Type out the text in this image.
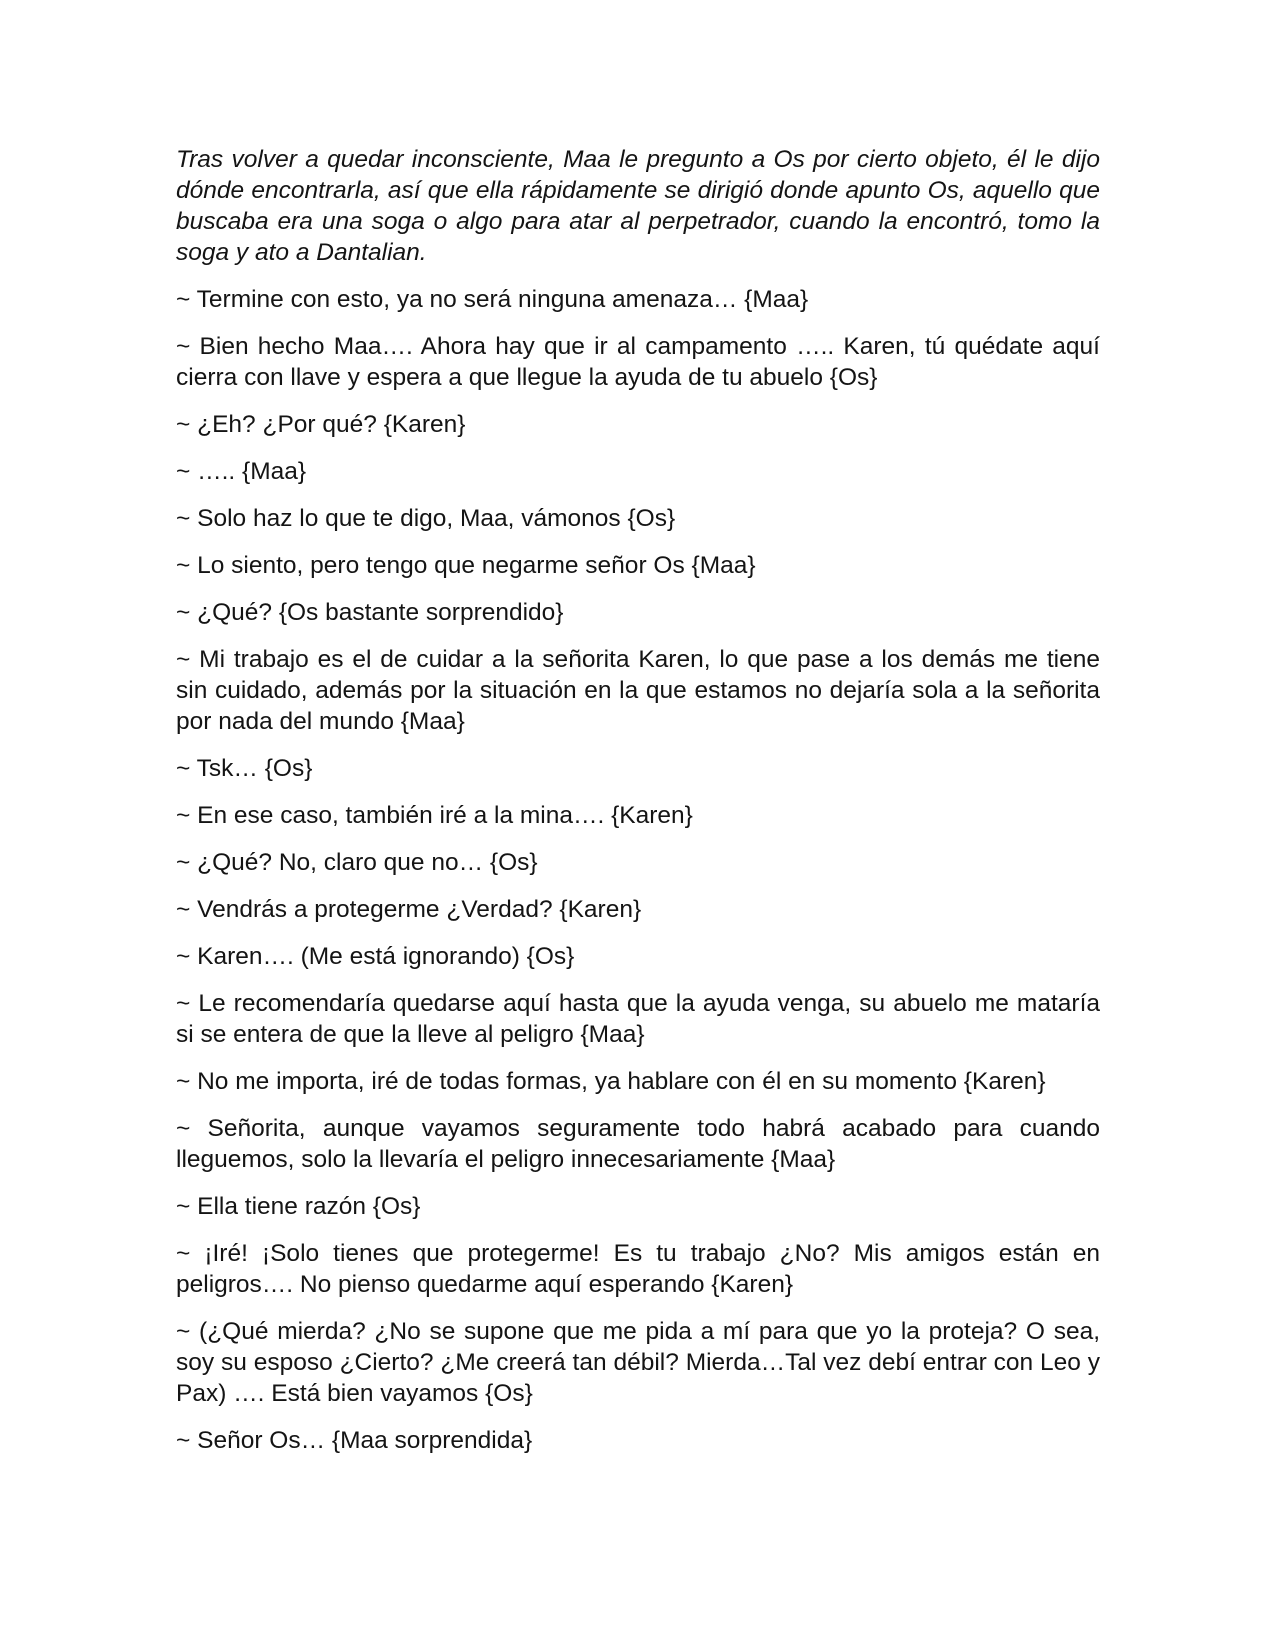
Tras volver a quedar inconsciente, Maa le pregunto a Os por cierto objeto, él le dijo dónde encontrarla, así que ella rápidamente se dirigió donde apunto Os, aquello que buscaba era una soga o algo para atar al perpetrador, cuando la encontró, tomo la soga y ato a Dantalian.

~ Termine con esto, ya no será ninguna amenaza… {Maa}

~ Bien hecho Maa…. Ahora hay que ir al campamento ….. Karen, tú quédate aquí cierra con llave y espera a que llegue la ayuda de tu abuelo {Os}

~ ¿Eh? ¿Por qué? {Karen}

~ ….. {Maa}

~ Solo haz lo que te digo, Maa, vámonos {Os}

~ Lo siento, pero tengo que negarme señor Os {Maa}

~ ¿Qué? {Os bastante sorprendido}

~ Mi trabajo es el de cuidar a la señorita Karen, lo que pase a los demás me tiene sin cuidado, además por la situación en la que estamos no dejaría sola a la señorita por nada del mundo {Maa}

~ Tsk… {Os}

~ En ese caso, también iré a la mina…. {Karen}

~ ¿Qué? No, claro que no… {Os}

~ Vendrás a protegerme ¿Verdad? {Karen}

~ Karen…. (Me está ignorando) {Os}

~ Le recomendaría quedarse aquí hasta que la ayuda venga, su abuelo me mataría si se entera de que la lleve al peligro {Maa}

~ No me importa, iré de todas formas, ya hablare con él en su momento {Karen}

~ Señorita, aunque vayamos seguramente todo habrá acabado para cuando lleguemos, solo la llevaría el peligro innecesariamente {Maa}

~ Ella tiene razón {Os}

~ ¡Iré! ¡Solo tienes que protegerme! Es tu trabajo ¿No? Mis amigos están en peligros…. No pienso quedarme aquí esperando {Karen}

~ (¿Qué mierda? ¿No se supone que me pida a mí para que yo la proteja? O sea, soy su esposo ¿Cierto? ¿Me creerá tan débil? Mierda…Tal vez debí entrar con Leo y Pax) …. Está bien vayamos {Os}

~ Señor Os… {Maa sorprendida}
